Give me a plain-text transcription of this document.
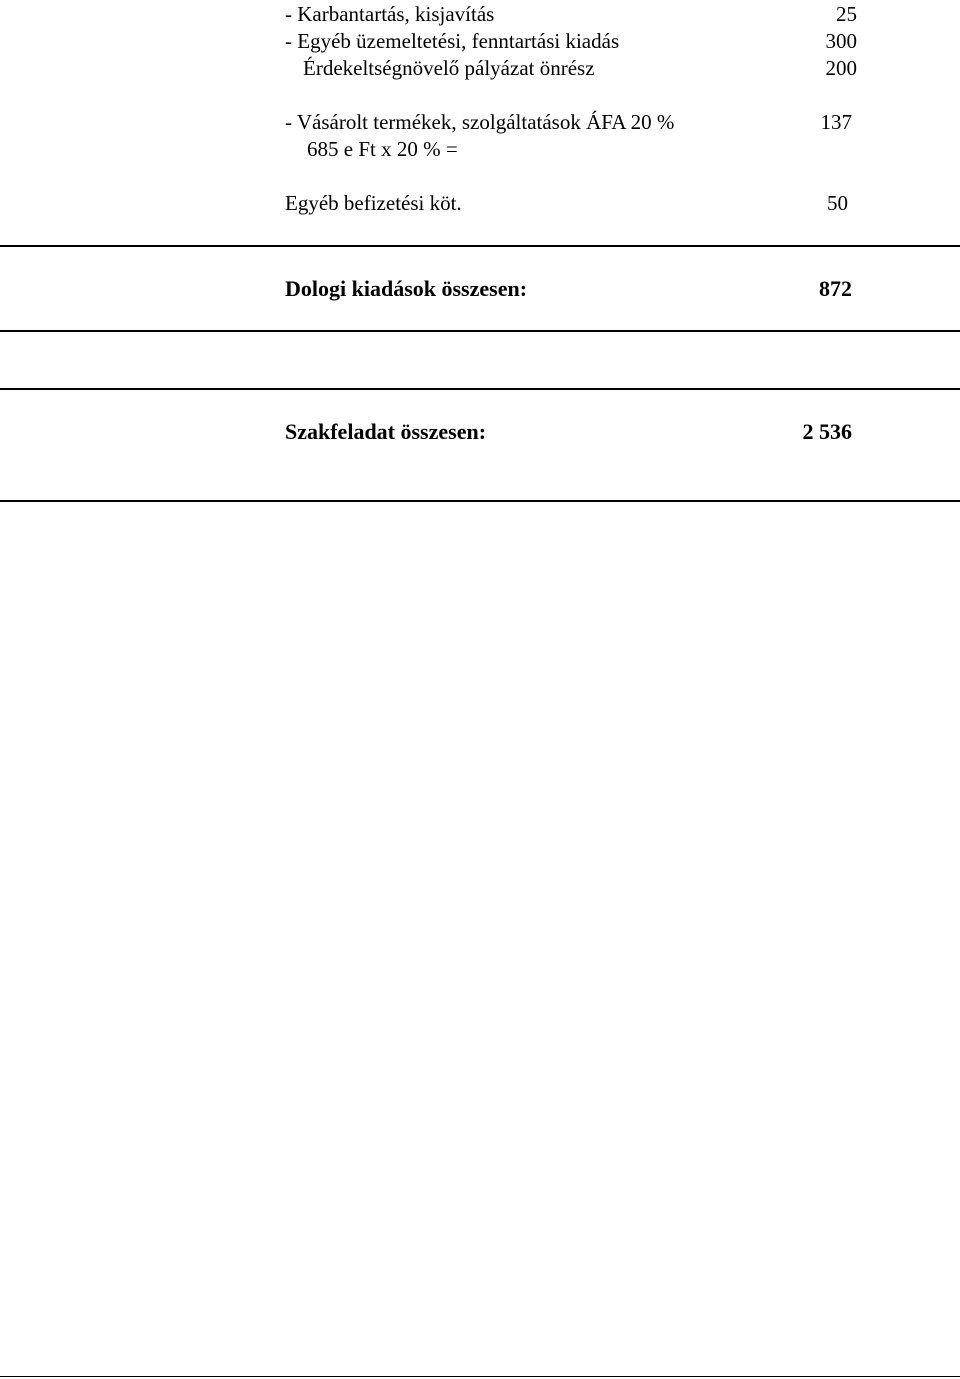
- Karbantartás, kisjavítás	25
- Egyéb üzemeltetési, fenntartási kiadás	300
Érdekeltségnövelő pályázat önrész	200
- Vásárolt termékek, szolgáltatások ÁFA 20 %	137
685 e Ft x 20 % =
Egyéb befizetési köt.	50
Dologi kiadások összesen:	872
Szakfeladat összesen:	2 536
